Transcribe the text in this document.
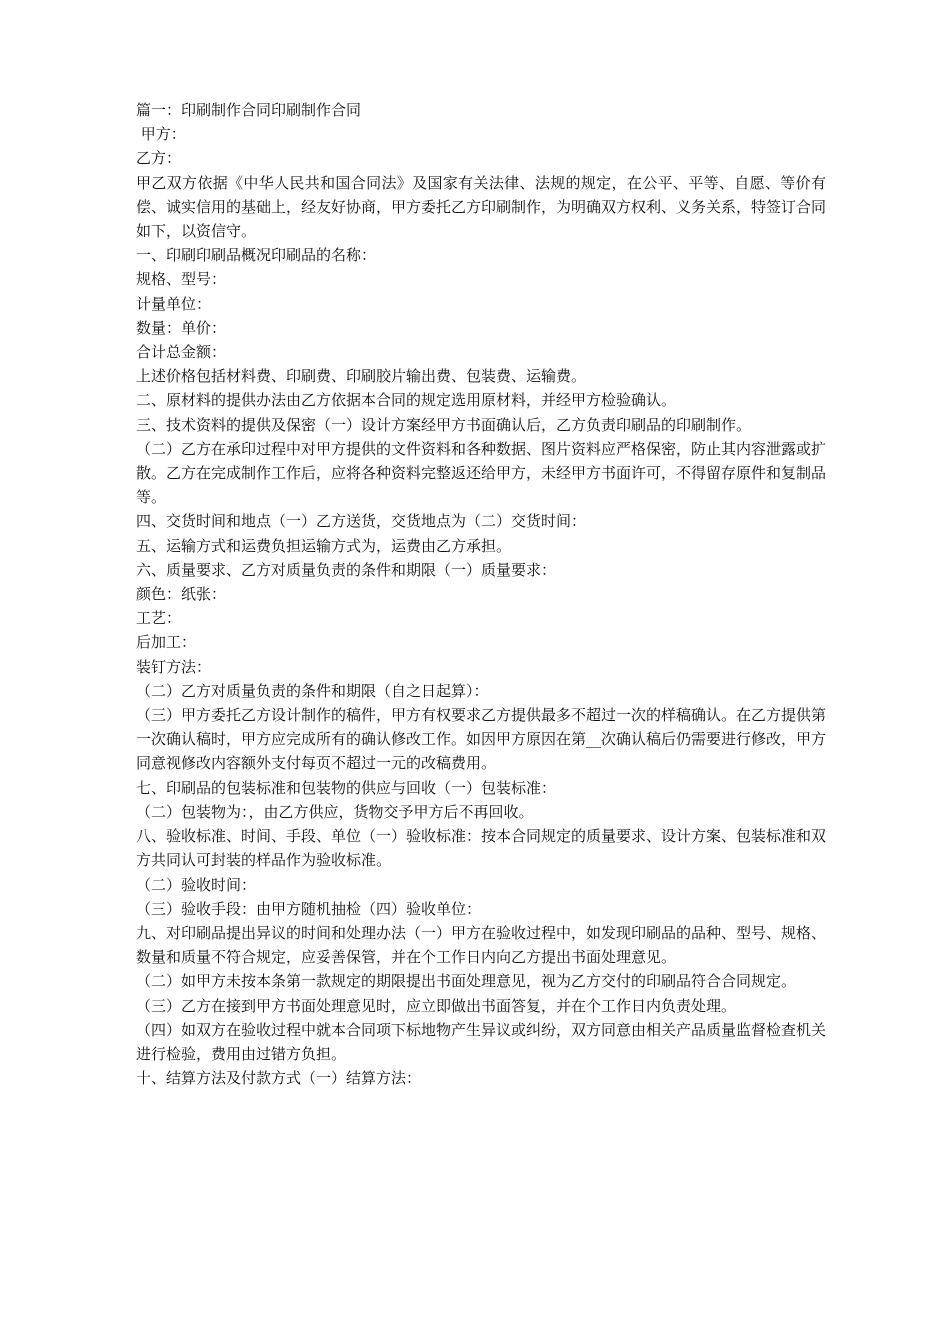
篇一：印刷制作合同印刷制作合同

甲方：

乙方：

甲乙双方依据《中华人民共和国合同法》及国家有关法律、法规的规定，在公平、平等、自愿、等价有偿、诚实信用的基础上，经友好协商，甲方委托乙方印刷制作，为明确双方权利、义务关系，特签订合同如下，以资信守。

一、印刷印刷品概况印刷品的名称：

规格、型号：

计量单位：

数量：单价：

合计总金额：

上述价格包括材料费、印刷费、印刷胶片输出费、包装费、运输费。

二、原材料的提供办法由乙方依据本合同的规定选用原材料，并经甲方检验确认。

三、技术资料的提供及保密（一）设计方案经甲方书面确认后，乙方负责印刷品的印刷制作。

（二）乙方在承印过程中对甲方提供的文件资料和各种数据、图片资料应严格保密，防止其内容泄露或扩散。乙方在完成制作工作后，应将各种资料完整返还给甲方，未经甲方书面许可，不得留存原件和复制品等。

四、交货时间和地点（一）乙方送货，交货地点为（二）交货时间：

五、运输方式和运费负担运输方式为，运费由乙方承担。

六、质量要求、乙方对质量负责的条件和期限（一）质量要求：

颜色：纸张：

工艺：

后加工：

装钉方法：

（二）乙方对质量负责的条件和期限（自之日起算）：

（三）甲方委托乙方设计制作的稿件，甲方有权要求乙方提供最多不超过一次的样稿确认。在乙方提供第一次确认稿时，甲方应完成所有的确认修改工作。如因甲方原因在第__次确认稿后仍需要进行修改，甲方同意视修改内容额外支付每页不超过一元的改稿费用。

七、印刷品的包装标准和包装物的供应与回收（一）包装标准：

（二）包装物为：，由乙方供应，货物交予甲方后不再回收。

八、验收标准、时间、手段、单位（一）验收标准：按本合同规定的质量要求、设计方案、包装标准和双方共同认可封装的样品作为验收标准。

（二）验收时间：

（三）验收手段：由甲方随机抽检（四）验收单位：

九、对印刷品提出异议的时间和处理办法（一）甲方在验收过程中，如发现印刷品的品种、型号、规格、数量和质量不符合规定，应妥善保管，并在个工作日内向乙方提出书面处理意见。

（二）如甲方未按本条第一款规定的期限提出书面处理意见，视为乙方交付的印刷品符合合同规定。

（三）乙方在接到甲方书面处理意见时，应立即做出书面答复，并在个工作日内负责处理。

（四）如双方在验收过程中就本合同项下标地物产生异议或纠纷，双方同意由相关产品质量监督检查机关进行检验，费用由过错方负担。

十、结算方法及付款方式（一）结算方法：
